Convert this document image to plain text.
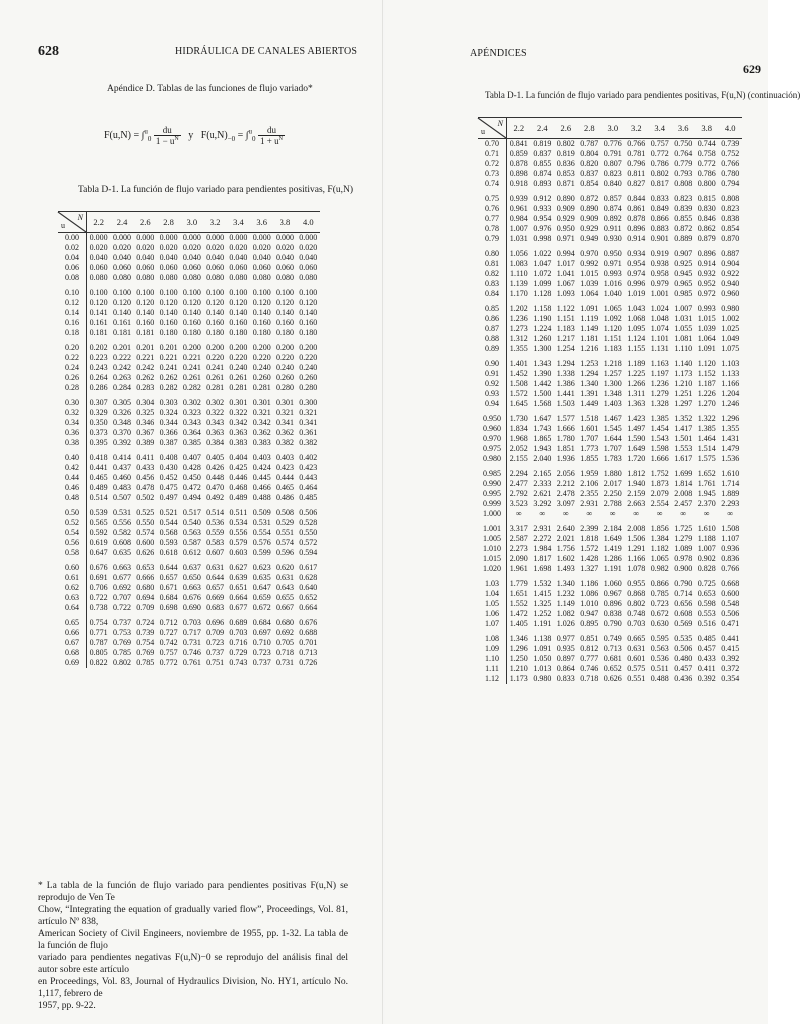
628	HIDRÁULICA DE CANALES ABIERTOS
Apéndice D. Tablas de las funciones de flujo variado*
$F(u,N) = \int^u_0 \frac{du}{1 - u^N}$ y $F(u,N)_{-0} = \int^u_0 \frac{du}{1 + u^N}$
Tabla D-1. La función de flujo variado para pendientes positivas, F(u,N)
N
u	2.2	2.4	2.6	2.8	3.0	3.2	3.4	3.6	3.8	4.0
0.00	0.000	0.000	0.000	0.000	0.000	0.000	0.000	0.000	0.000	0.000
0.02	0.020	0.020	0.020	0.020	0.020	0.020	0.020	0.020	0.020	0.020
0.04	0.040	0.040	0.040	0.040	0.040	0.040	0.040	0.040	0.040	0.040
0.06	0.060	0.060	0.060	0.060	0.060	0.060	0.060	0.060	0.060	0.060
0.08	0.080	0.080	0.080	0.080	0.080	0.080	0.080	0.080	0.080	0.080
0.10	0.100	0.100	0.100	0.100	0.100	0.100	0.100	0.100	0.100	0.100
0.12	0.120	0.120	0.120	0.120	0.120	0.120	0.120	0.120	0.120	0.120
0.14	0.141	0.140	0.140	0.140	0.140	0.140	0.140	0.140	0.140	0.140
0.16	0.161	0.161	0.160	0.160	0.160	0.160	0.160	0.160	0.160	0.160
0.18	0.181	0.181	0.181	0.180	0.180	0.180	0.180	0.180	0.180	0.180
0.20	0.202	0.201	0.201	0.201	0.200	0.200	0.200	0.200	0.200	0.200
0.22	0.223	0.222	0.221	0.221	0.221	0.220	0.220	0.220	0.220	0.220
0.24	0.243	0.242	0.242	0.241	0.241	0.241	0.240	0.240	0.240	0.240
0.26	0.264	0.263	0.262	0.262	0.261	0.261	0.261	0.260	0.260	0.260
0.28	0.286	0.284	0.283	0.282	0.282	0.281	0.281	0.281	0.280	0.280
0.30	0.307	0.305	0.304	0.303	0.302	0.302	0.301	0.301	0.301	0.300
0.32	0.329	0.326	0.325	0.324	0.323	0.322	0.322	0.321	0.321	0.321
0.34	0.350	0.348	0.346	0.344	0.343	0.343	0.342	0.342	0.341	0.341
0.36	0.373	0.370	0.367	0.366	0.364	0.363	0.363	0.362	0.362	0.361
0.38	0.395	0.392	0.389	0.387	0.385	0.384	0.383	0.383	0.382	0.382
0.40	0.418	0.414	0.411	0.408	0.407	0.405	0.404	0.403	0.403	0.402
0.42	0.441	0.437	0.433	0.430	0.428	0.426	0.425	0.424	0.423	0.423
0.44	0.465	0.460	0.456	0.452	0.450	0.448	0.446	0.445	0.444	0.443
0.46	0.489	0.483	0.478	0.475	0.472	0.470	0.468	0.466	0.465	0.464
0.48	0.514	0.507	0.502	0.497	0.494	0.492	0.489	0.488	0.486	0.485
0.50	0.539	0.531	0.525	0.521	0.517	0.514	0.511	0.509	0.508	0.506
0.52	0.565	0.556	0.550	0.544	0.540	0.536	0.534	0.531	0.529	0.528
0.54	0.592	0.582	0.574	0.568	0.563	0.559	0.556	0.554	0.551	0.550
0.56	0.619	0.608	0.600	0.593	0.587	0.583	0.579	0.576	0.574	0.572
0.58	0.647	0.635	0.626	0.618	0.612	0.607	0.603	0.599	0.596	0.594
0.60	0.676	0.663	0.653	0.644	0.637	0.631	0.627	0.623	0.620	0.617
0.61	0.691	0.677	0.666	0.657	0.650	0.644	0.639	0.635	0.631	0.628
0.62	0.706	0.692	0.680	0.671	0.663	0.657	0.651	0.647	0.643	0.640
0.63	0.722	0.707	0.694	0.684	0.676	0.669	0.664	0.659	0.655	0.652
0.64	0.738	0.722	0.709	0.698	0.690	0.683	0.677	0.672	0.667	0.664
0.65	0.754	0.737	0.724	0.712	0.703	0.696	0.689	0.684	0.680	0.676
0.66	0.771	0.753	0.739	0.727	0.717	0.709	0.703	0.697	0.692	0.688
0.67	0.787	0.769	0.754	0.742	0.731	0.723	0.716	0.710	0.705	0.701
0.68	0.805	0.785	0.769	0.757	0.746	0.737	0.729	0.723	0.718	0.713
0.69	0.822	0.802	0.785	0.772	0.761	0.751	0.743	0.737	0.731	0.726
* La tabla de la función de flujo variado para pendientes positivas F(u,N) se reprodujo de Ven Te
Chow, “Integrating the equation of gradually varied flow”, Proceedings, Vol. 81, artículo Nº 838,
American Society of Civil Engineers, noviembre de 1955, pp. 1-32. La tabla de la función de flujo
variado para pendientes negativas F(u,N)−0 se reprodujo del análisis final del autor sobre este artículo
en Proceedings, Vol. 83, Journal of Hydraulics Division, No. HY1, artículo No. 1,117, febrero de
1957, pp. 9-22.
APÉNDICES
629
Tabla D-1. La función de flujo variado para pendientes positivas, F(u,N) (continuación)
N
u	2.2	2.4	2.6	2.8	3.0	3.2	3.4	3.6	3.8	4.0
0.70	0.841	0.819	0.802	0.787	0.776	0.766	0.757	0.750	0.744	0.739
0.71	0.859	0.837	0.819	0.804	0.791	0.781	0.772	0.764	0.758	0.752
0.72	0.878	0.855	0.836	0.820	0.807	0.796	0.786	0.779	0.772	0.766
0.73	0.898	0.874	0.853	0.837	0.823	0.811	0.802	0.793	0.786	0.780
0.74	0.918	0.893	0.871	0.854	0.840	0.827	0.817	0.808	0.800	0.794
0.75	0.939	0.912	0.890	0.872	0.857	0.844	0.833	0.823	0.815	0.808
0.76	0.961	0.933	0.909	0.890	0.874	0.861	0.849	0.839	0.830	0.823
0.77	0.984	0.954	0.929	0.909	0.892	0.878	0.866	0.855	0.846	0.838
0.78	1.007	0.976	0.950	0.929	0.911	0.896	0.883	0.872	0.862	0.854
0.79	1.031	0.998	0.971	0.949	0.930	0.914	0.901	0.889	0.879	0.870
0.80	1.056	1.022	0.994	0.970	0.950	0.934	0.919	0.907	0.896	0.887
0.81	1.083	1.047	1.017	0.992	0.971	0.954	0.938	0.925	0.914	0.904
0.82	1.110	1.072	1.041	1.015	0.993	0.974	0.958	0.945	0.932	0.922
0.83	1.139	1.099	1.067	1.039	1.016	0.996	0.979	0.965	0.952	0.940
0.84	1.170	1.128	1.093	1.064	1.040	1.019	1.001	0.985	0.972	0.960
0.85	1.202	1.158	1.122	1.091	1.065	1.043	1.024	1.007	0.993	0.980
0.86	1.236	1.190	1.151	1.119	1.092	1.068	1.048	1.031	1.015	1.002
0.87	1.273	1.224	1.183	1.149	1.120	1.095	1.074	1.055	1.039	1.025
0.88	1.312	1.260	1.217	1.181	1.151	1.124	1.101	1.081	1.064	1.049
0.89	1.355	1.300	1.254	1.216	1.183	1.155	1.131	1.110	1.091	1.075
0.90	1.401	1.343	1.294	1.253	1.218	1.189	1.163	1.140	1.120	1.103
0.91	1.452	1.390	1.338	1.294	1.257	1.225	1.197	1.173	1.152	1.133
0.92	1.508	1.442	1.386	1.340	1.300	1.266	1.236	1.210	1.187	1.166
0.93	1.572	1.500	1.441	1.391	1.348	1.311	1.279	1.251	1.226	1.204
0.94	1.645	1.568	1.503	1.449	1.403	1.363	1.328	1.297	1.270	1.246
0.950	1.730	1.647	1.577	1.518	1.467	1.423	1.385	1.352	1.322	1.296
0.960	1.834	1.743	1.666	1.601	1.545	1.497	1.454	1.417	1.385	1.355
0.970	1.968	1.865	1.780	1.707	1.644	1.590	1.543	1.501	1.464	1.431
0.975	2.052	1.943	1.851	1.773	1.707	1.649	1.598	1.553	1.514	1.479
0.980	2.155	2.040	1.936	1.855	1.783	1.720	1.666	1.617	1.575	1.536
0.985	2.294	2.165	2.056	1.959	1.880	1.812	1.752	1.699	1.652	1.610
0.990	2.477	2.333	2.212	2.106	2.017	1.940	1.873	1.814	1.761	1.714
0.995	2.792	2.621	2.478	2.355	2.250	2.159	2.079	2.008	1.945	1.889
0.999	3.523	3.292	3.097	2.931	2.788	2.663	2.554	2.457	2.370	2.293
1.000	∞	∞	∞	∞	∞	∞	∞	∞	∞	∞
1.001	3.317	2.931	2.640	2.399	2.184	2.008	1.856	1.725	1.610	1.508
1.005	2.587	2.272	2.021	1.818	1.649	1.506	1.384	1.279	1.188	1.107
1.010	2.273	1.984	1.756	1.572	1.419	1.291	1.182	1.089	1.007	0.936
1.015	2.090	1.817	1.602	1.428	1.286	1.166	1.065	0.978	0.902	0.836
1.020	1.961	1.698	1.493	1.327	1.191	1.078	0.982	0.900	0.828	0.766
1.03	1.779	1.532	1.340	1.186	1.060	0.955	0.866	0.790	0.725	0.668
1.04	1.651	1.415	1.232	1.086	0.967	0.868	0.785	0.714	0.653	0.600
1.05	1.552	1.325	1.149	1.010	0.896	0.802	0.723	0.656	0.598	0.548
1.06	1.472	1.252	1.082	0.947	0.838	0.748	0.672	0.608	0.553	0.506
1.07	1.405	1.191	1.026	0.895	0.790	0.703	0.630	0.569	0.516	0.471
1.08	1.346	1.138	0.977	0.851	0.749	0.665	0.595	0.535	0.485	0.441
1.09	1.296	1.091	0.935	0.812	0.713	0.631	0.563	0.506	0.457	0.415
1.10	1.250	1.050	0.897	0.777	0.681	0.601	0.536	0.480	0.433	0.392
1.11	1.210	1.013	0.864	0.746	0.652	0.575	0.511	0.457	0.411	0.372
1.12	1.173	0.980	0.833	0.718	0.626	0.551	0.488	0.436	0.392	0.354
